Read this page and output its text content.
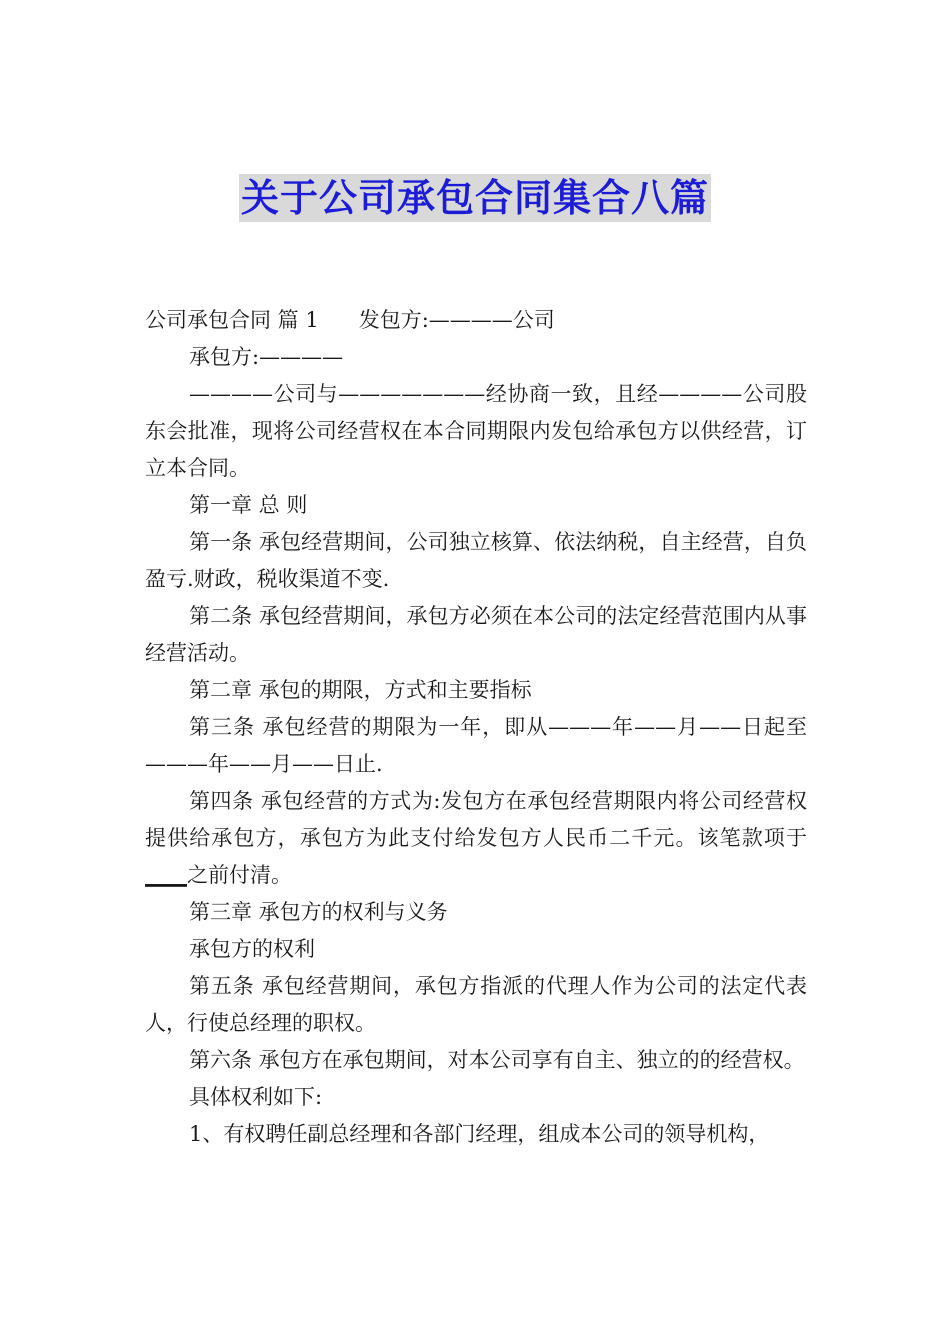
关于公司承包合同集合八篇

公司承包合同 篇 1 发包方:————公司

承包方:————

————公司与———————经协商一致，且经————公司股东会批准，现将公司经营权在本合同期限内发包给承包方以供经营，订立本合同。

第一章 总 则

第一条 承包经营期间，公司独立核算、依法纳税，自主经营，自负盈亏.财政，税收渠道不变.

第二条 承包经营期间，承包方必须在本公司的法定经营范围内从事经营活动。

第二章 承包的期限，方式和主要指标

第三条 承包经营的期限为一年，即从———年——月——日起至———年——月——日止.

第四条 承包经营的方式为:发包方在承包经营期限内将公司经营权提供给承包方，承包方为此支付给发包方人民币二千元。该笔款项于____之前付清。

第三章 承包方的权利与义务

承包方的权利

第五条 承包经营期间，承包方指派的代理人作为公司的法定代表人，行使总经理的职权。

第六条 承包方在承包期间，对本公司享有自主、独立的的经营权。

具体权利如下:

1、有权聘任副总经理和各部门经理，组成本公司的领导机构，
